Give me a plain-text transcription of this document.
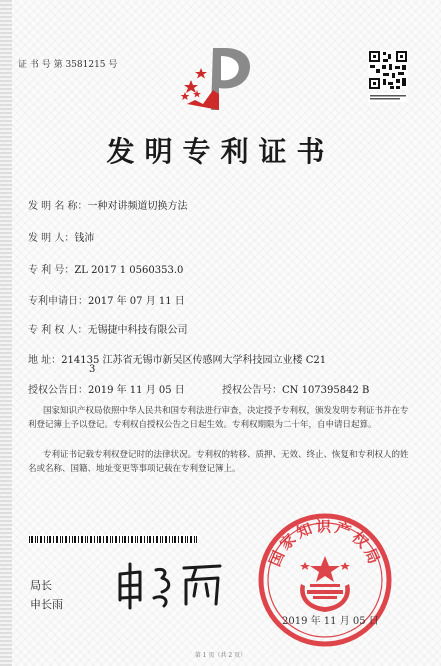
证 书 号 第 3581215 号
发明专利证书
发 明 名 称：一种对讲频道切换方法
发 明 人：钱沛
专 利 号：ZL 2017 1 0560353.0
专利申请日：2017 年 07 月 11 日
专 利 权 人：无锡捷中科技有限公司
地 址：214135 江苏省无锡市新吴区传感网大学科技园立业楼 C21
3
授权公告日：2019 年 11 月 05 日	授权公告号：CN 107395842 B
国家知识产权局依照中华人民共和国专利法进行审查，决定授予专利权，颁发发明专利证书并在专利登记簿上予以登记。专利权自授权公告之日起生效。专利权期限为二十年，自申请日起算。
专利证书记载专利权登记时的法律状况。专利权的转移、质押、无效、终止、恢复和专利权人的姓名或名称、国籍、地址变更等事项记载在专利登记簿上。
局长
申长雨
国家知识产权局
2019 年 11 月 05 日
第 1 页（共 2 页）
